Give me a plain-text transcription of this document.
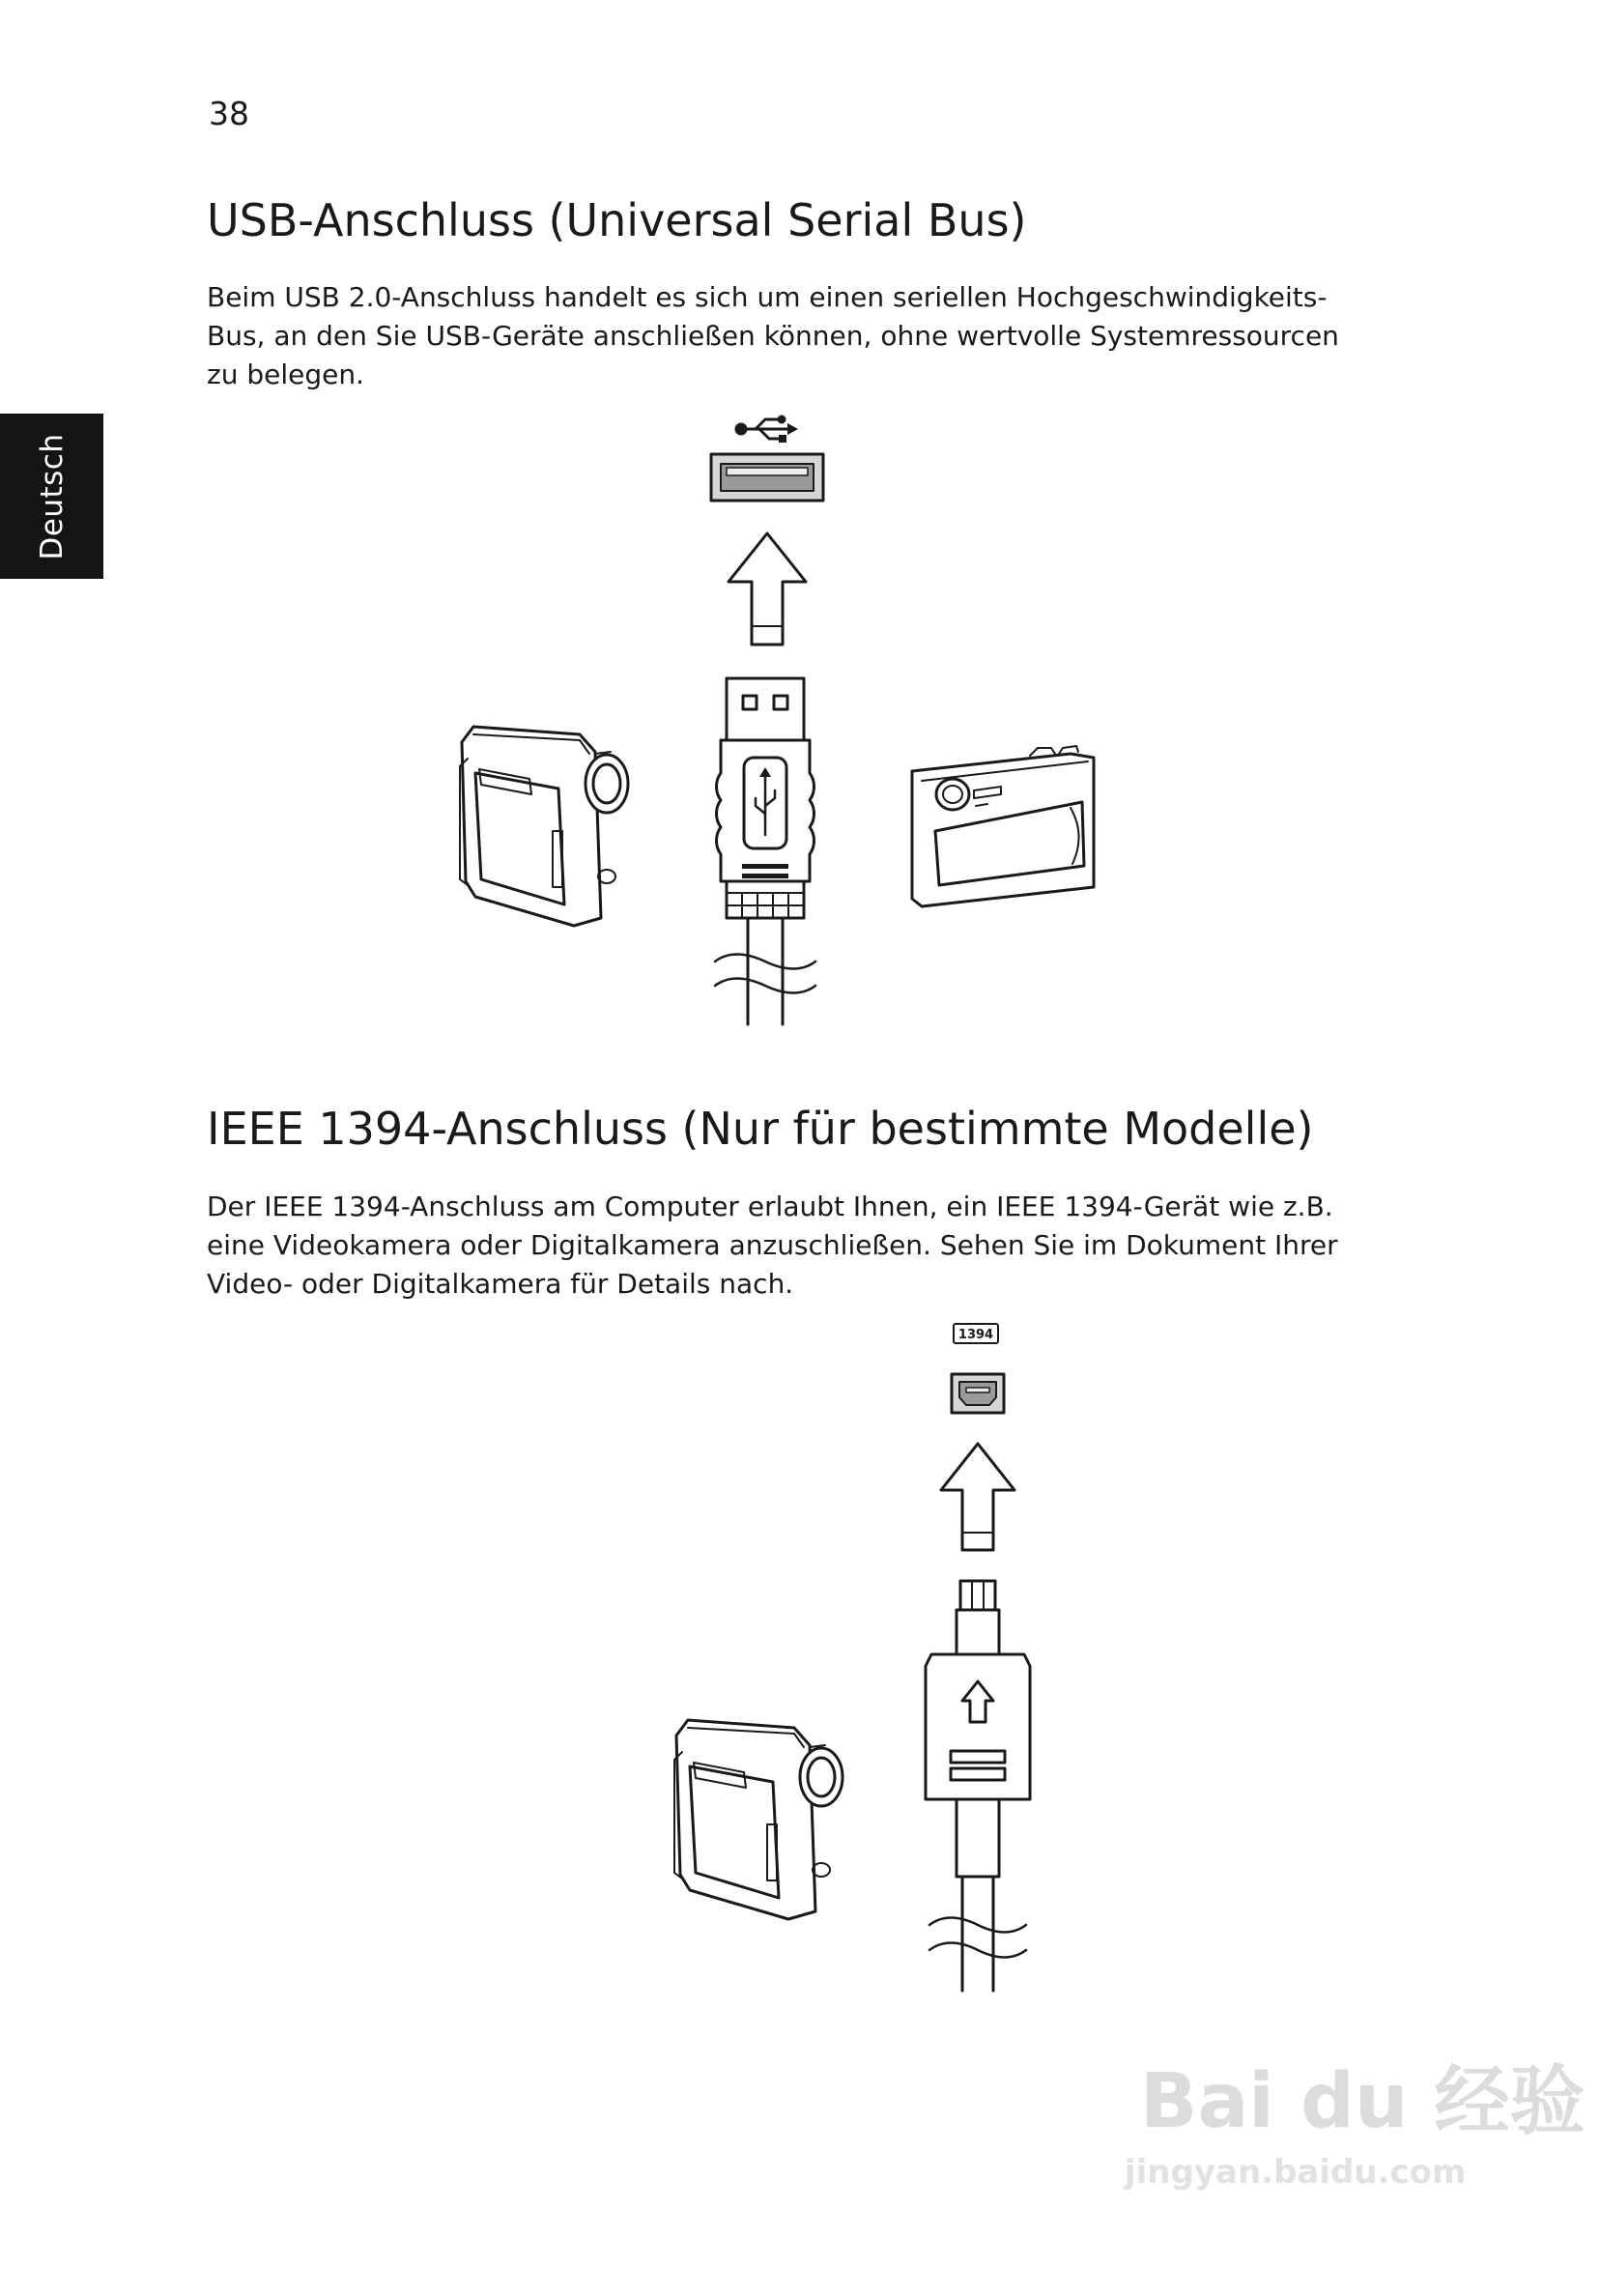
38
Deutsch
USB-Anschluss (Universal Serial Bus)

Beim USB 2.0-Anschluss handelt es sich um einen seriellen Hochgeschwindigkeits-Bus, an den Sie USB-Geräte anschließen können, ohne wertvolle Systemressourcen zu belegen.

IEEE 1394-Anschluss (Nur für bestimmte Modelle)

Der IEEE 1394-Anschluss am Computer erlaubt Ihnen, ein IEEE 1394-Gerät wie z.B. eine Videokamera oder Digitalkamera anzuschließen. Sehen Sie im Dokument Ihrer Video- oder Digitalkamera für Details nach.

1394
Bai du 经验
jingyan.baidu.com
